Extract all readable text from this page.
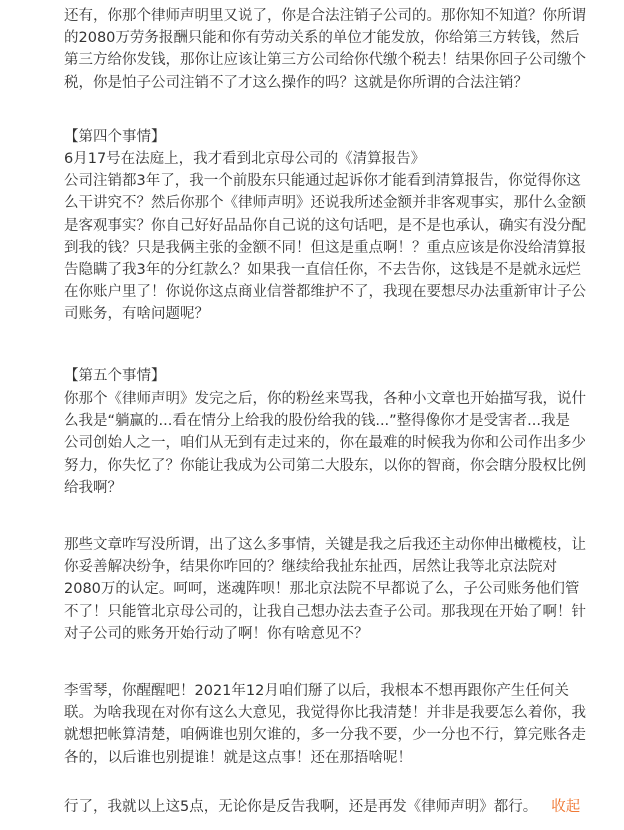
还有，你那个律师声明里又说了，你是合法注销子公司的。那你知不知道？你所谓
的2080万劳务报酬只能和你有劳动关系的单位才能发放，你给第三方转钱，然后
第三方给你发钱，那你让应该让第三方公司给你代缴个税去！结果你回子公司缴个
税，你是怕子公司注销不了才这么操作的吗？这就是你所谓的合法注销？

【第四个事情】

6月17号在法庭上，我才看到北京母公司的《清算报告》
公司注销都3年了，我一个前股东只能通过起诉你才能看到清算报告，你觉得你这
么干讲究不？然后你那个《律师声明》还说我所述金额并非客观事实，那什么金额
是客观事实？你自己好好品品你自己说的这句话吧，是不是也承认，确实有没分配
到我的钱？只是我俩主张的金额不同！但这是重点啊！？重点应该是你没给清算报
告隐瞒了我3年的分红款么？如果我一直信任你，不去告你，这钱是不是就永远烂
在你账户里了！你说你这点商业信誉都维护不了，我现在要想尽办法重新审计子公
司账务，有啥问题呢？

【第五个事情】

你那个《律师声明》发完之后，你的粉丝来骂我，各种小文章也开始描写我，说什
么我是“躺赢的...看在情分上给我的股份给我的钱...”整得像你才是受害者...我是
公司创始人之一，咱们从无到有走过来的，你在最难的时候我为你和公司作出多少
努力，你失忆了？你能让我成为公司第二大股东，以你的智商，你会瞎分股权比例
给我啊？

那些文章咋写没所谓，出了这么多事情，关键是我之后我还主动你伸出橄榄枝，让
你妥善解决纷争，结果你咋回的？继续给我扯东扯西，居然让我等北京法院对
2080万的认定。呵呵，迷魂阵呗！那北京法院不早都说了么，子公司账务他们管
不了！只能管北京母公司的，让我自己想办法去查子公司。那我现在开始了啊！针
对子公司的账务开始行动了啊！你有啥意见不？

李雪琴，你醒醒吧！2021年12月咱们掰了以后，我根本不想再跟你产生任何关
联。为啥我现在对你有这么大意见，我觉得你比我清楚！并非是我要怎么着你，我
就想把帐算清楚，咱俩谁也别欠谁的，多一分我不要，少一分也不行，算完账各走
各的，以后谁也别提谁！就是这点事！还在那捂啥呢！

行了，我就以上这5点，无论你是反告我啊，还是再发《律师声明》都行。 收起
